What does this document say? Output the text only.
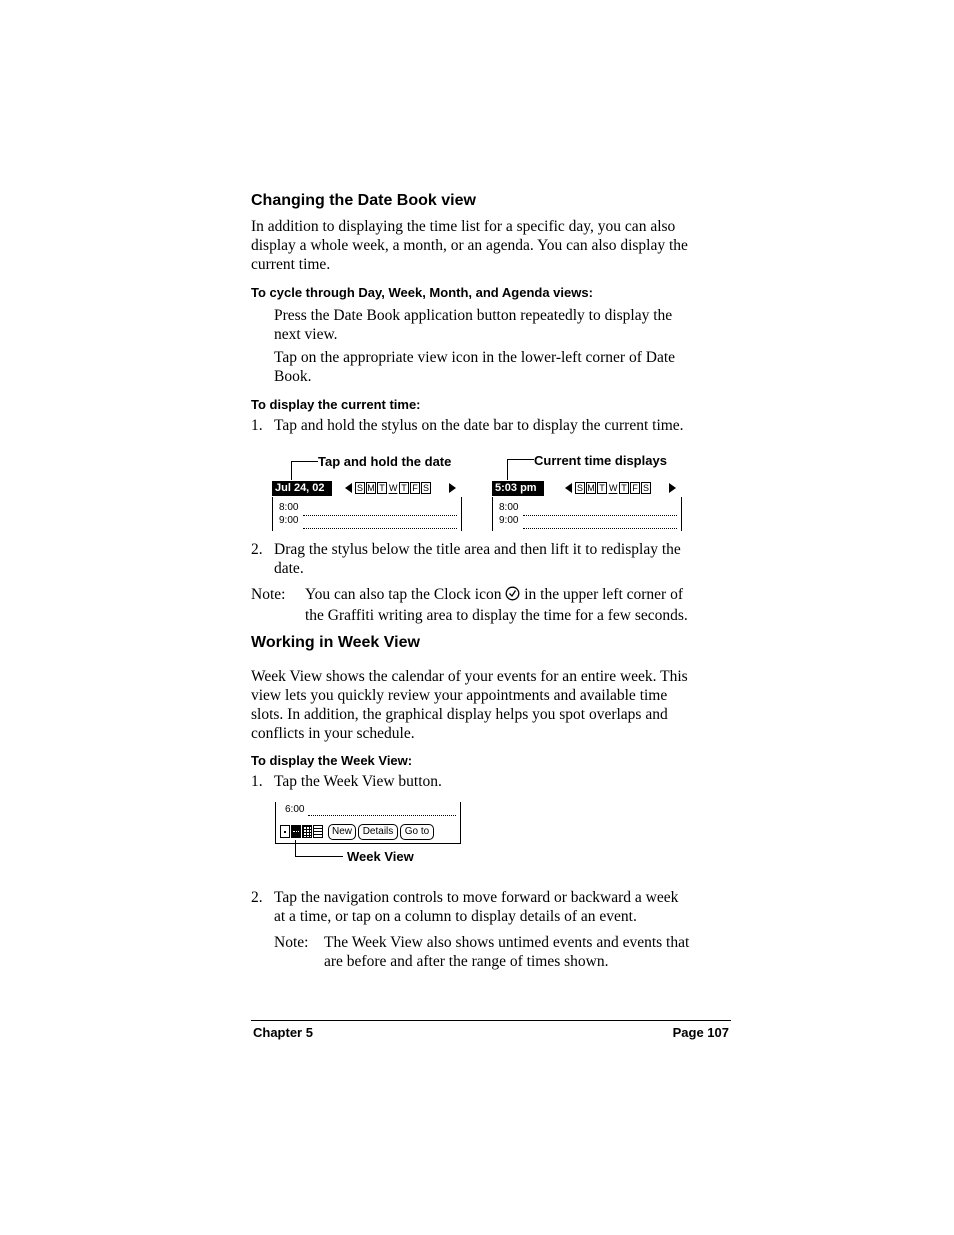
Changing the Date Book view
In addition to displaying the time list for a specific day, you can also
display a whole week, a month, or an agenda. You can also display the
current time.
To cycle through Day, Week, Month, and Agenda views:
Press the Date Book application button repeatedly to display the
next view.
Tap on the appropriate view icon in the lower-left corner of Date
Book.
To display the current time:
1. Tap and hold the stylus on the date bar to display the current time.
Tap and hold the date	Current time displays
Jul 24, 02	S M T W T F S
8:00
9:00
5:03 pm	S M T W T F S
8:00
9:00
2. Drag the stylus below the title area and then lift it to redisplay the
date.
Note: You can also tap the Clock icon in the upper left corner of
the Graffiti writing area to display the time for a few seconds.
Working in Week View
Week View shows the calendar of your events for an entire week. This
view lets you quickly review your appointments and available time
slots. In addition, the graphical display helps you spot overlaps and
conflicts in your schedule.
To display the Week View:
1. Tap the Week View button.
6:00
New	Details	Go to
Week View
2. Tap the navigation controls to move forward or backward a week
at a time, or tap on a column to display details of an event.
Note: The Week View also shows untimed events and events that
are before and after the range of times shown.
Chapter 5	Page 107
